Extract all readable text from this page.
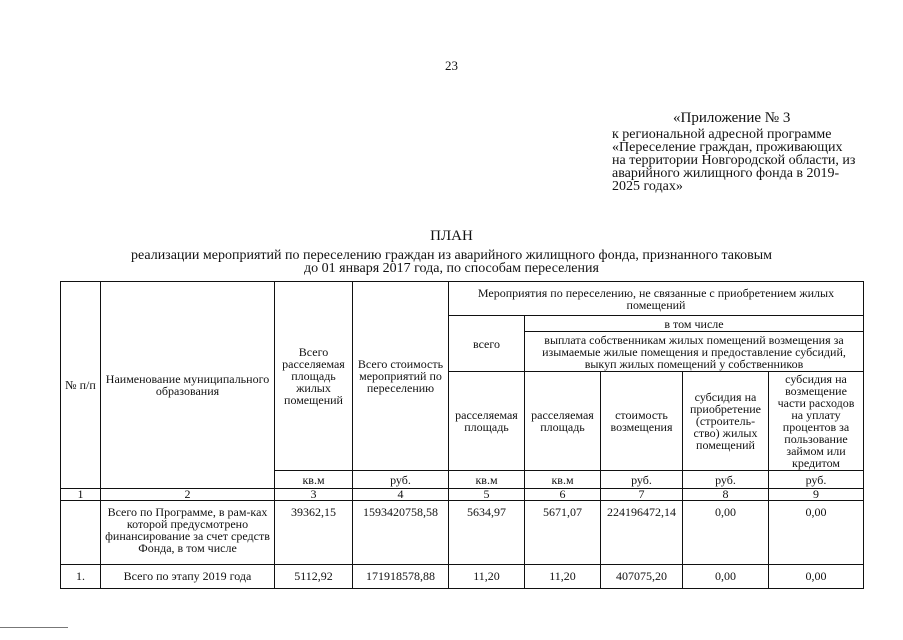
23
«Приложение № 3
к региональной адресной программе
«Переселение граждан, проживающих
на территории Новгородской области, из
аварийного жилищного фонда в 2019-
2025 годах»
ПЛАН
реализации мероприятий по переселению граждан из аварийного жилищного фонда, признанного таковым
до 01 января 2017 года, по способам переселения
№ п/п	Наименование муниципального образования	Всего расселяемая площадь жилых помещений	Всего стоимость мероприятий по переселению	Мероприятия по переселению, не связанные с приобретением жилых помещений				
				всего	в том числе			
					выплата собственникам жилых помещений возмещения за изымаемые жилые помещения и предоставление субсидий, выкуп жилых помещений у собственников			

				расселяемая площадь	расселяемая площадь	стоимость возмещения	субсидия на приобретение (строитель-ство) жилых помещений	субсидия на возмещение части расходов на уплату процентов за пользование займом или кредитом
		кв.м	руб.	кв.м	кв.м	руб.	руб.	руб.
1	2	3	4	5	6	7	8	9
	Всего по Программе, в рам-ках которой предусмотрено финансирование за счет средств Фонда, в том числе	39362,15	1593420758,58	5634,97	5671,07	224196472,14	0,00	0,00
1.	Всего по этапу 2019 года	5112,92	171918578,88	11,20	11,20	407075,20	0,00	0,00
